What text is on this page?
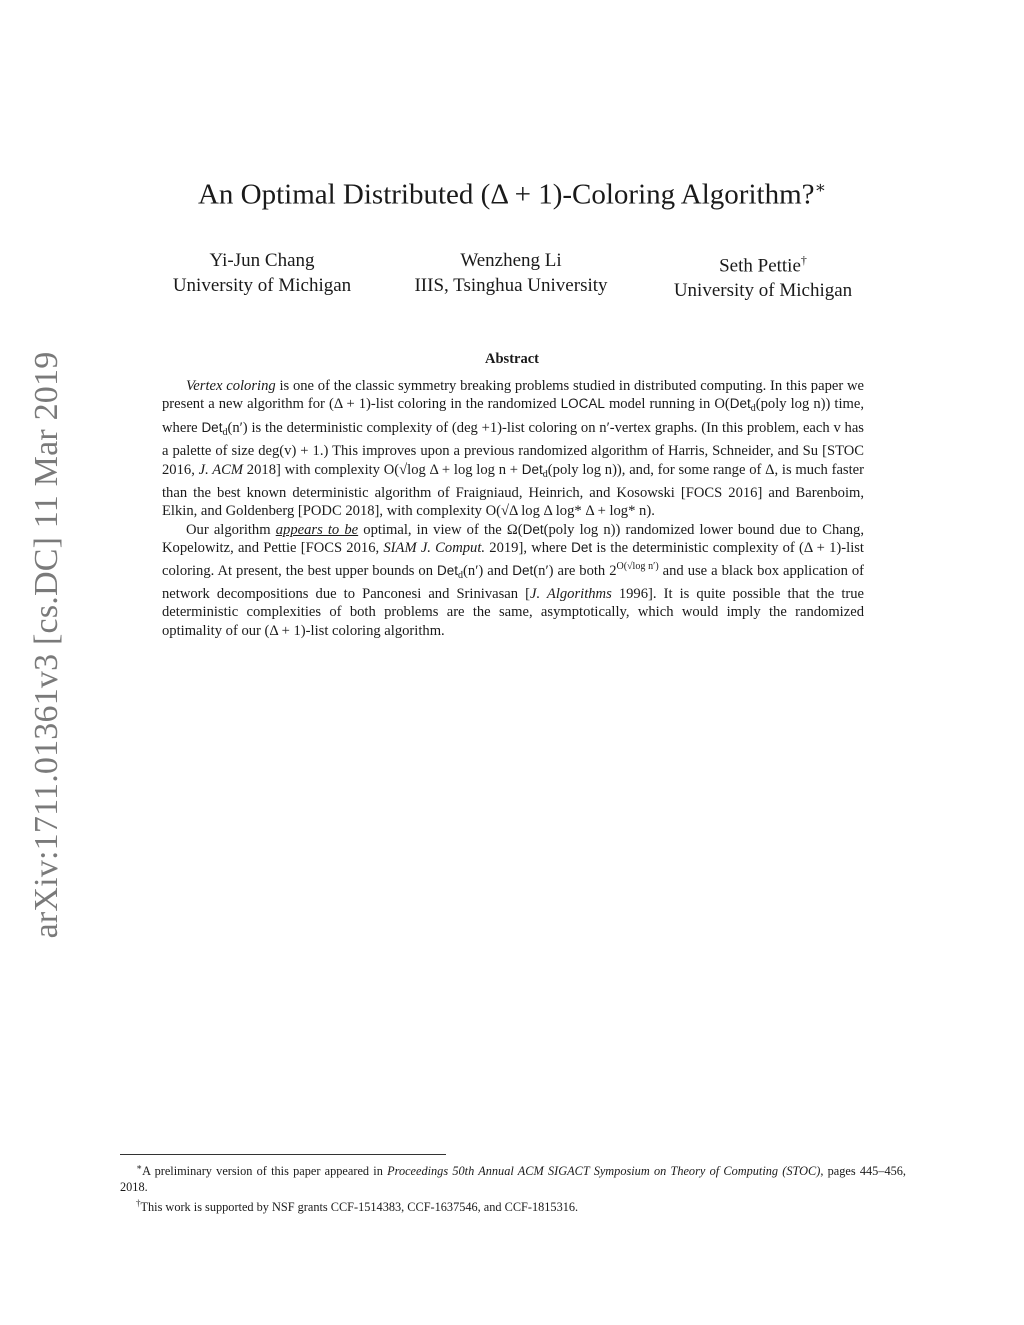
arXiv:1711.01361v3 [cs.DC] 11 Mar 2019
An Optimal Distributed (Δ + 1)-Coloring Algorithm?∗
Yi-Jun Chang
University of Michigan
Wenzheng Li
IIIS, Tsinghua University
Seth Pettie†
University of Michigan
Abstract

Vertex coloring is one of the classic symmetry breaking problems studied in distributed computing. In this paper we present a new algorithm for (Δ + 1)-list coloring in the randomized LOCAL model running in O(Det$_d$(poly log n)) time, where Det$_d$(n′) is the deterministic complexity of (deg +1)-list coloring on n′-vertex graphs. (In this problem, each v has a palette of size deg(v) + 1.) This improves upon a previous randomized algorithm of Harris, Schneider, and Su [STOC 2016, J. ACM 2018] with complexity O(√log Δ + log log n + Det$_d$(poly log n)), and, for some range of Δ, is much faster than the best known deterministic algorithm of Fraigniaud, Heinrich, and Kosowski [FOCS 2016] and Barenboim, Elkin, and Goldenberg [PODC 2018], with complexity O(√Δ log Δ log* Δ + log* n).

Our algorithm appears to be optimal, in view of the Ω(Det(poly log n)) randomized lower bound due to Chang, Kopelowitz, and Pettie [FOCS 2016, SIAM J. Comput. 2019], where Det is the deterministic complexity of (Δ + 1)-list coloring. At present, the best upper bounds on Det$_d$(n′) and Det(n′) are both $2^{O(√log n')}$ and use a black box application of network decompositions due to Panconesi and Srinivasan [J. Algorithms 1996]. It is quite possible that the true deterministic complexities of both problems are the same, asymptotically, which would imply the randomized optimality of our (Δ + 1)-list coloring algorithm.

∗A preliminary version of this paper appeared in Proceedings 50th Annual ACM SIGACT Symposium on Theory of Computing (STOC), pages 445–456, 2018.

†This work is supported by NSF grants CCF-1514383, CCF-1637546, and CCF-1815316.
